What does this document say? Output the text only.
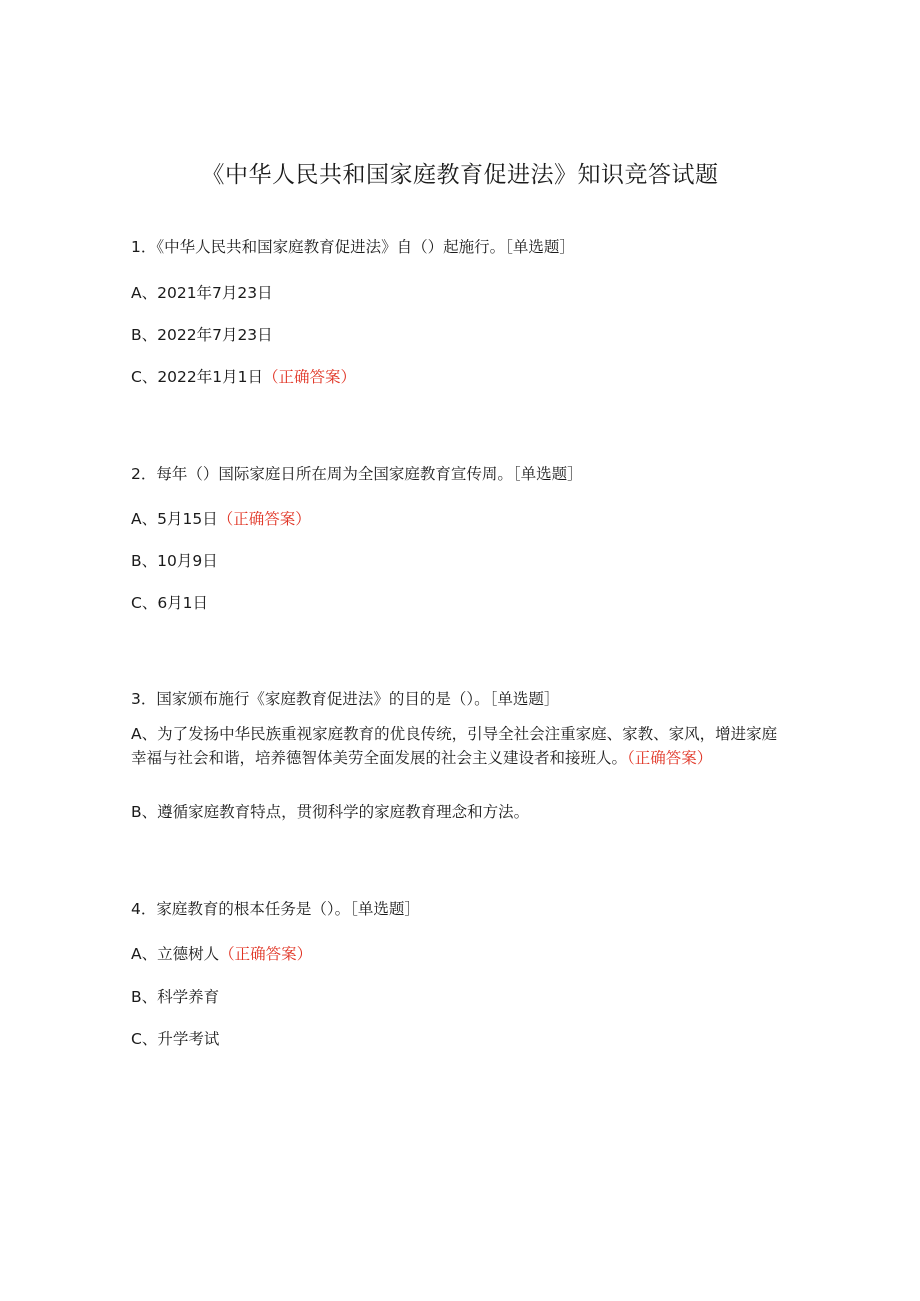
《中华人民共和国家庭教育促进法》知识竞答试题
1．《中华人民共和国家庭教育促进法》自（）起施行。［单选题］
A、2021年7月23日
B、2022年7月23日
C、2022年1月1日（正确答案）
2．每年（）国际家庭日所在周为全国家庭教育宣传周。［单选题］
A、5月15日（正确答案）
B、10月9日
C、6月1日
3．国家颁布施行《家庭教育促进法》的目的是（）。［单选题］
A、为了发扬中华民族重视家庭教育的优良传统，引导全社会注重家庭、家教、家风，增进家庭幸福与社会和谐，培养德智体美劳全面发展的社会主义建设者和接班人。（正确答案）
B、遵循家庭教育特点，贯彻科学的家庭教育理念和方法。
4．家庭教育的根本任务是（）。［单选题］
A、立德树人（正确答案）
B、科学养育
C、升学考试
